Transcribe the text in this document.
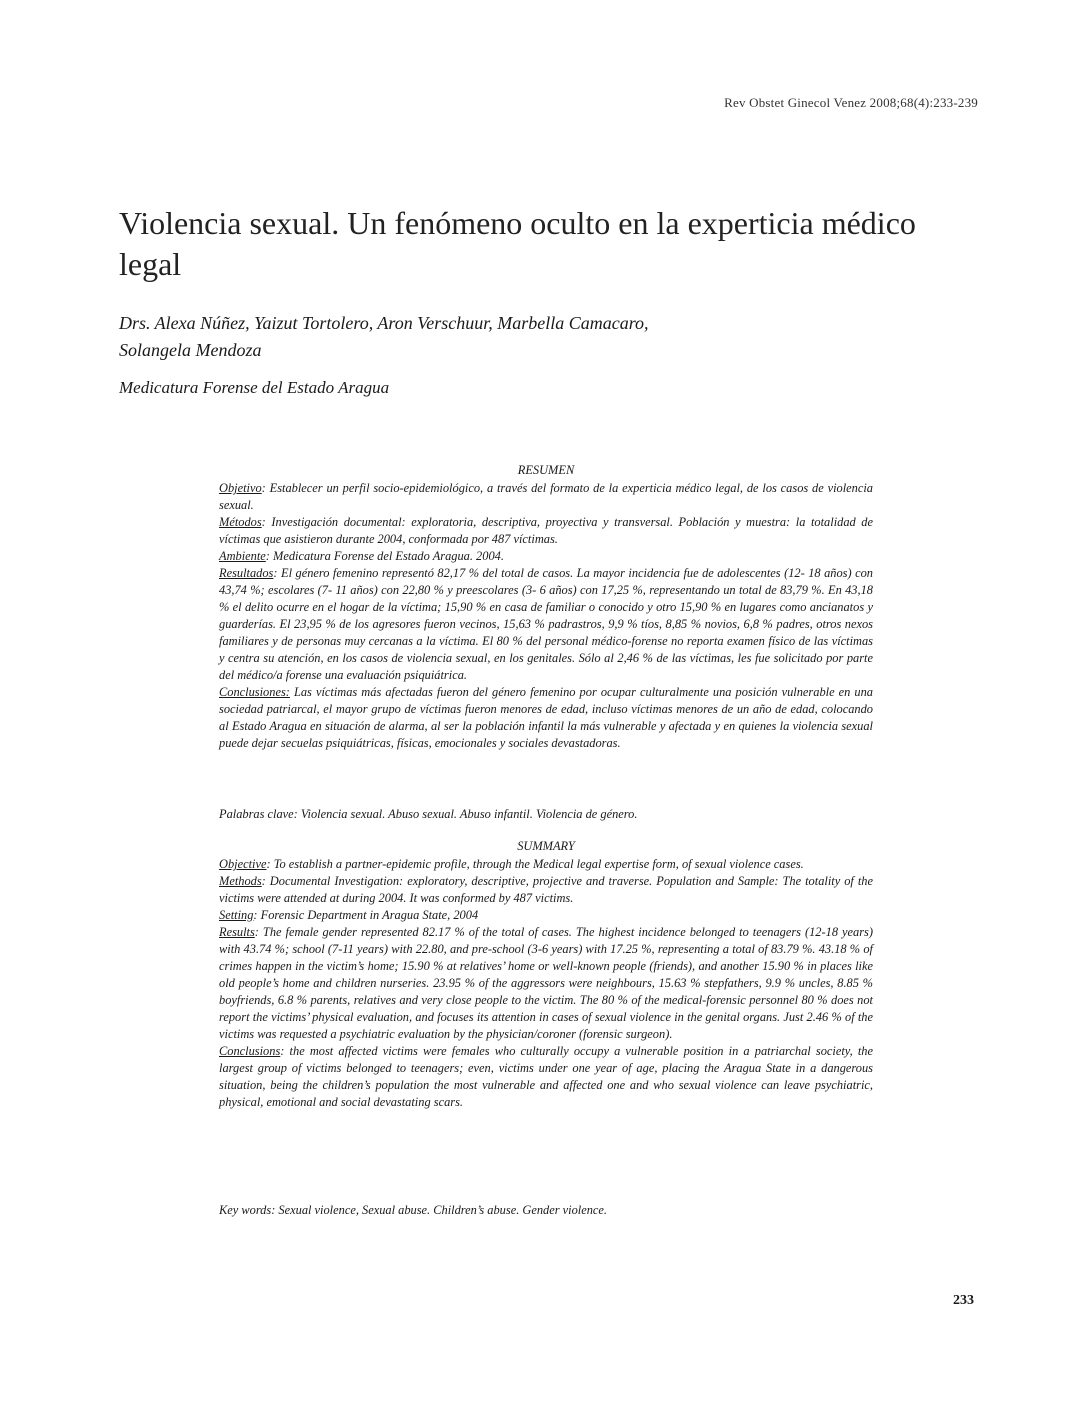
Rev Obstet Ginecol Venez 2008;68(4):233-239
Violencia sexual. Un fenómeno oculto en la experticia médico legal
Drs. Alexa Núñez, Yaizut Tortolero, Aron Verschuur, Marbella Camacaro,
Solangela Mendoza
Medicatura Forense del Estado Aragua

RESUMEN

Objetivo: Establecer un perfil socio-epidemiológico, a través del formato de la experticia médico legal, de los casos de violencia sexual.

Métodos: Investigación documental: exploratoria, descriptiva, proyectiva y transversal. Población y muestra: la totalidad de víctimas que asistieron durante 2004, conformada por 487 víctimas.

Ambiente: Medicatura Forense del Estado Aragua. 2004.

Resultados: El género femenino representó 82,17 % del total de casos. La mayor incidencia fue de adolescentes (12- 18 años) con 43,74 %; escolares (7- 11 años) con 22,80 % y preescolares (3- 6 años) con 17,25 %, representando un total de 83,79 %. En 43,18 % el delito ocurre en el hogar de la víctima; 15,90 % en casa de familiar o conocido y otro 15,90 % en lugares como ancianatos y guarderías. El 23,95 % de los agresores fueron vecinos, 15,63 % padrastros, 9,9 % tíos, 8,85 % novios, 6,8 % padres, otros nexos familiares y de personas muy cercanas a la víctima. El 80 % del personal médico-forense no reporta examen físico de las víctimas y centra su atención, en los casos de violencia sexual, en los genitales. Sólo al 2,46 % de las víctimas, les fue solicitado por parte del médico/a forense una evaluación psiquiátrica.

Conclusiones: Las víctimas más afectadas fueron del género femenino por ocupar culturalmente una posición vulnerable en una sociedad patriarcal, el mayor grupo de víctimas fueron menores de edad, incluso víctimas menores de un año de edad, colocando al Estado Aragua en situación de alarma, al ser la población infantil la más vulnerable y afectada y en quienes la violencia sexual puede dejar secuelas psiquiátricas, físicas, emocionales y sociales devastadoras.

Palabras clave: Violencia sexual. Abuso sexual. Abuso infantil. Violencia de género.

SUMMARY

Objective: To establish a partner-epidemic profile, through the Medical legal expertise form, of sexual violence cases.

Methods: Documental Investigation: exploratory, descriptive, projective and traverse. Population and Sample: The totality of the victims were attended at during 2004. It was conformed by 487 victims.

Setting: Forensic Department in Aragua State, 2004

Results: The female gender represented 82.17 % of the total of cases. The highest incidence belonged to teenagers (12-18 years) with 43.74 %; school (7-11 years) with 22.80, and pre-school (3-6 years) with 17.25 %, representing a total of 83.79 %. 43.18 % of crimes happen in the victim’s home; 15.90 % at relatives’ home or well-known people (friends), and another 15.90 % in places like old people’s home and children nurseries. 23.95 % of the aggressors were neighbours, 15.63 % stepfathers, 9.9 % uncles, 8.85 % boyfriends, 6.8 % parents, relatives and very close people to the victim. The 80 % of the medical-forensic personnel 80 % does not report the victims’ physical evaluation, and focuses its attention in cases of sexual violence in the genital organs. Just 2.46 % of the victims was requested a psychiatric evaluation by the physician/coroner (forensic surgeon).

Conclusions: the most affected victims were females who culturally occupy a vulnerable position in a patriarchal society, the largest group of victims belonged to teenagers; even, victims under one year of age, placing the Aragua State in a dangerous situation, being the children’s population the most vulnerable and affected one and who sexual violence can leave psychiatric, physical, emotional and social devastating scars.

Key words: Sexual violence, Sexual abuse. Children’s abuse. Gender violence.
233
